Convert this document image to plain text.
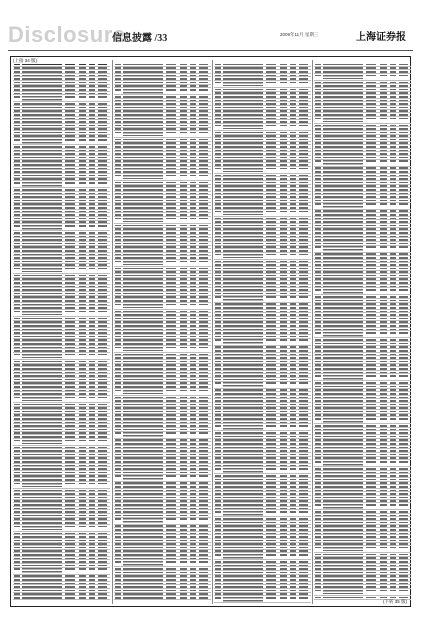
Disclosure
信息披露 /33	2009年11月 星期三	上海证券报
(上接 34 版)
(下转 35 版)
